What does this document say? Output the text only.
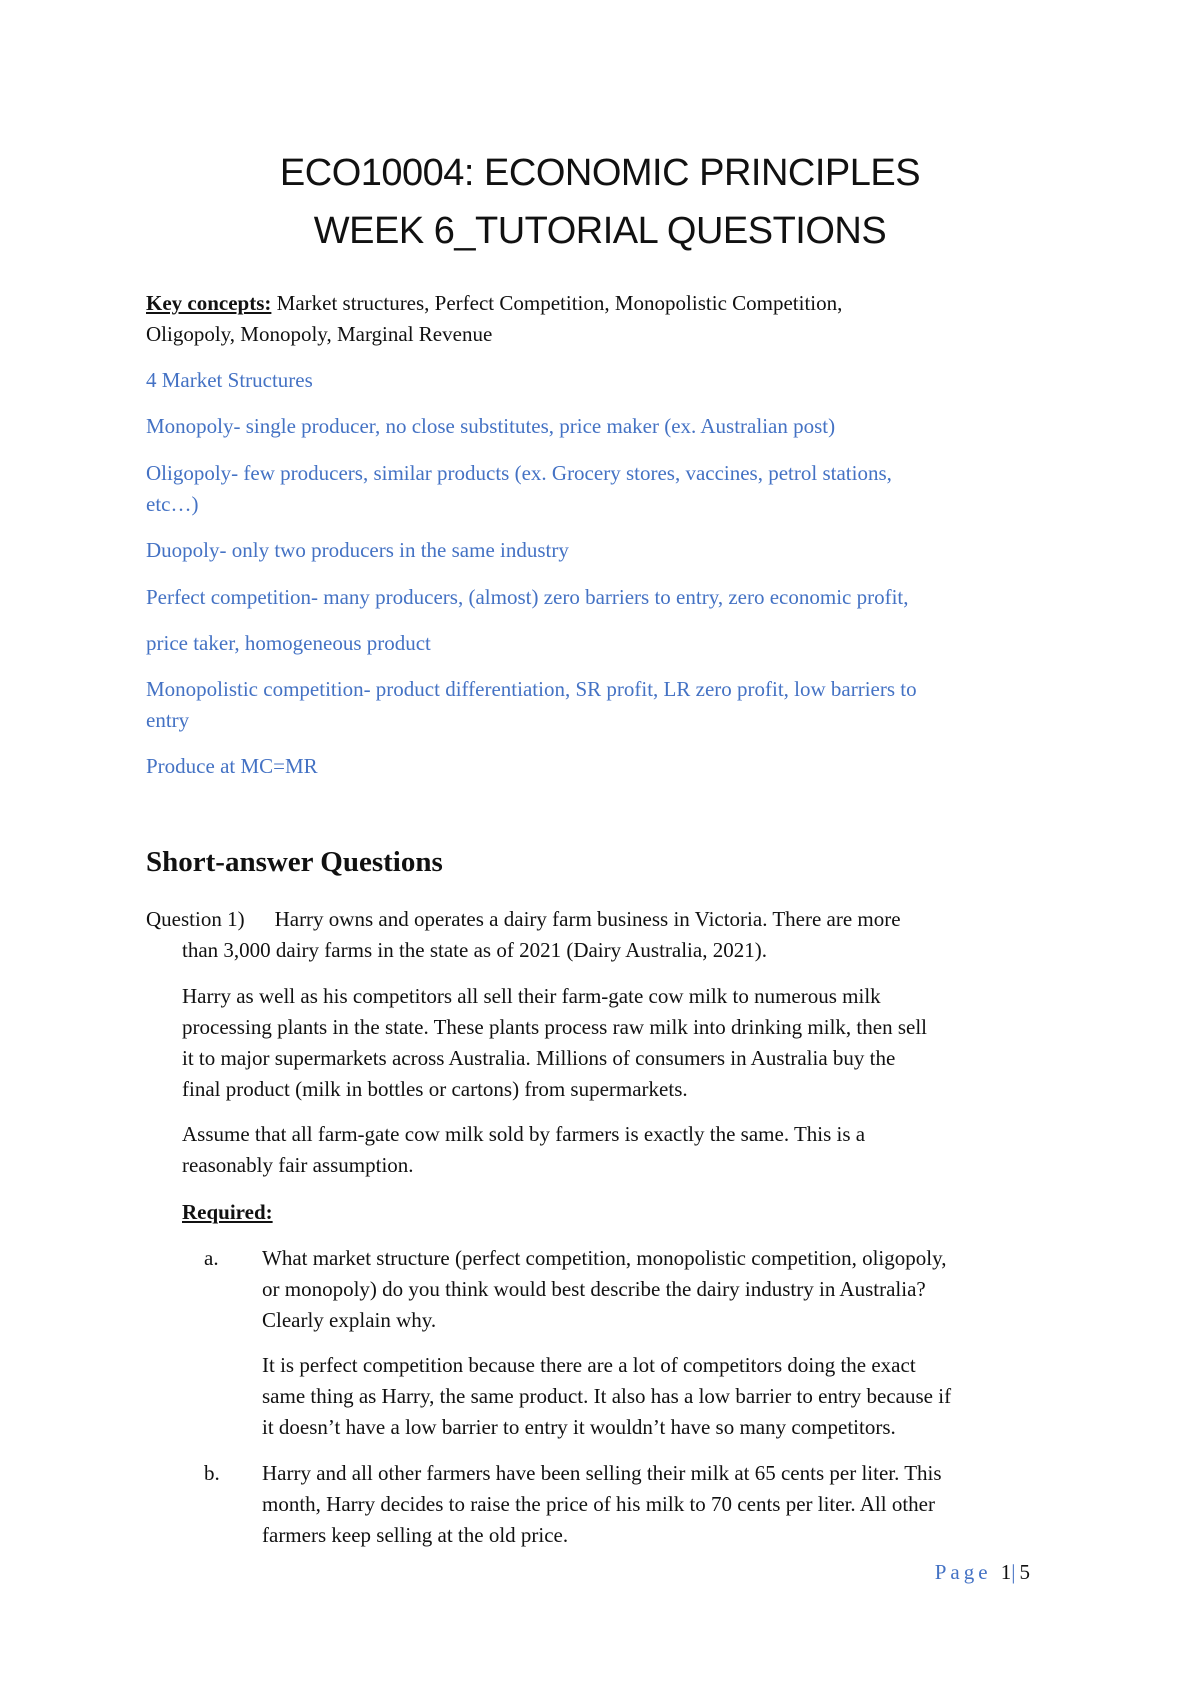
ECO10004: ECONOMIC PRINCIPLES
WEEK 6_TUTORIAL QUESTIONS
Key concepts: Market structures, Perfect Competition, Monopolistic Competition,
Oligopoly, Monopoly, Marginal Revenue
4 Market Structures
Monopoly- single producer, no close substitutes, price maker (ex. Australian post)
Oligopoly- few producers, similar products (ex. Grocery stores, vaccines, petrol stations,
etc…)
Duopoly- only two producers in the same industry
Perfect competition- many producers, (almost) zero barriers to entry, zero economic profit,
price taker, homogeneous product
Monopolistic competition- product differentiation, SR profit, LR zero profit, low barriers to
entry
Produce at MC=MR
Short-answer Questions
Question 1) Harry owns and operates a dairy farm business in Victoria. There are more
than 3,000 dairy farms in the state as of 2021 (Dairy Australia, 2021).
Harry as well as his competitors all sell their farm-gate cow milk to numerous milk
processing plants in the state. These plants process raw milk into drinking milk, then sell
it to major supermarkets across Australia. Millions of consumers in Australia buy the
final product (milk in bottles or cartons) from supermarkets.
Assume that all farm-gate cow milk sold by farmers is exactly the same. This is a
reasonably fair assumption.
Required:
a. What market structure (perfect competition, monopolistic competition, oligopoly,
or monopoly) do you think would best describe the dairy industry in Australia?
Clearly explain why.
It is perfect competition because there are a lot of competitors doing the exact
same thing as Harry, the same product. It also has a low barrier to entry because if
it doesn’t have a low barrier to entry it wouldn’t have so many competitors.
b. Harry and all other farmers have been selling their milk at 65 cents per liter. This
month, Harry decides to raise the price of his milk to 70 cents per liter. All other
farmers keep selling at the old price.
Page 1|5
